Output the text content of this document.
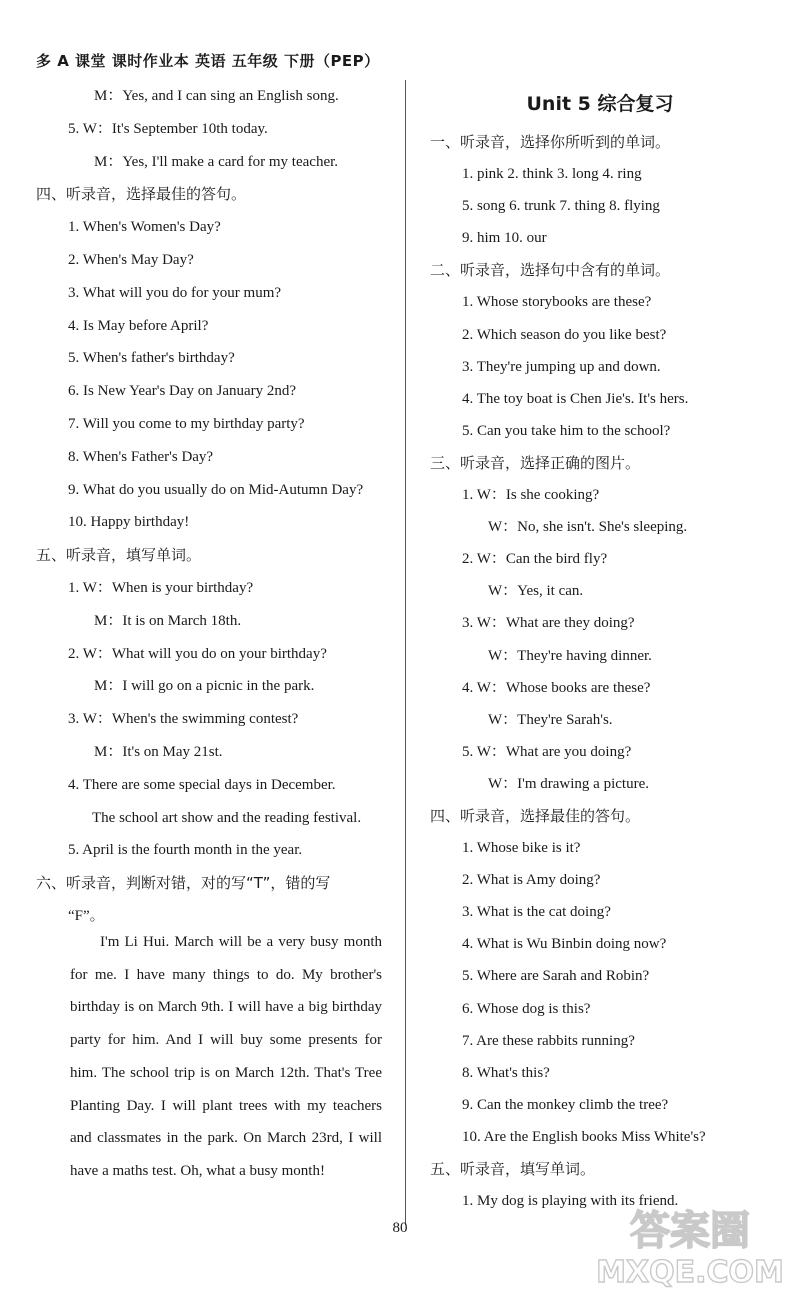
多 A 课堂 课时作业本 英语 五年级 下册（PEP）
M：Yes, and I can sing an English song.
5. W：It's September 10th today.
M：Yes, I'll make a card for my teacher.
四、听录音，选择最佳的答句。
1. When's Women's Day?
2. When's May Day?
3. What will you do for your mum?
4. Is May before April?
5. When's father's birthday?
6. Is New Year's Day on January 2nd?
7. Will you come to my birthday party?
8. When's Father's Day?
9. What do you usually do on Mid-Autumn Day?
10. Happy birthday!
五、听录音，填写单词。
1. W：When is your birthday?
M：It is on March 18th.
2. W：What will you do on your birthday?
M：I will go on a picnic in the park.
3. W：When's the swimming contest?
M：It's on May 21st.
4. There are some special days in December.
The school art show and the reading festival.
5. April is the fourth month in the year.
六、听录音，判断对错，对的写“T”，错的写
“F”。

I'm Li Hui. March will be a very busy month for me. I have many things to do. My brother's birthday is on March 9th. I will have a big birthday party for him. And I will buy some presents for him. The school trip is on March 12th. That's Tree Planting Day. I will plant trees with my teachers and classmates in the park. On March 23rd, I will have a maths test. Oh, what a busy month!

Unit 5 综合复习
一、听录音，选择你所听到的单词。
1. pink 2. think 3. long 4. ring
5. song 6. trunk 7. thing 8. flying
9. him 10. our
二、听录音，选择句中含有的单词。
1. Whose storybooks are these?
2. Which season do you like best?
3. They're jumping up and down.
4. The toy boat is Chen Jie's. It's hers.
5. Can you take him to the school?
三、听录音，选择正确的图片。
1. W：Is she cooking?
W：No, she isn't. She's sleeping.
2. W：Can the bird fly?
W：Yes, it can.
3. W：What are they doing?
W：They're having dinner.
4. W：Whose books are these?
W：They're Sarah's.
5. W：What are you doing?
W：I'm drawing a picture.
四、听录音，选择最佳的答句。
1. Whose bike is it?
2. What is Amy doing?
3. What is the cat doing?
4. What is Wu Binbin doing now?
5. Where are Sarah and Robin?
6. Whose dog is this?
7. Are these rabbits running?
8. What's this?
9. Can the monkey climb the tree?
10. Are the English books Miss White's?
五、听录音，填写单词。
1. My dog is playing with its friend.
80	答案圈
MXQE.COM
